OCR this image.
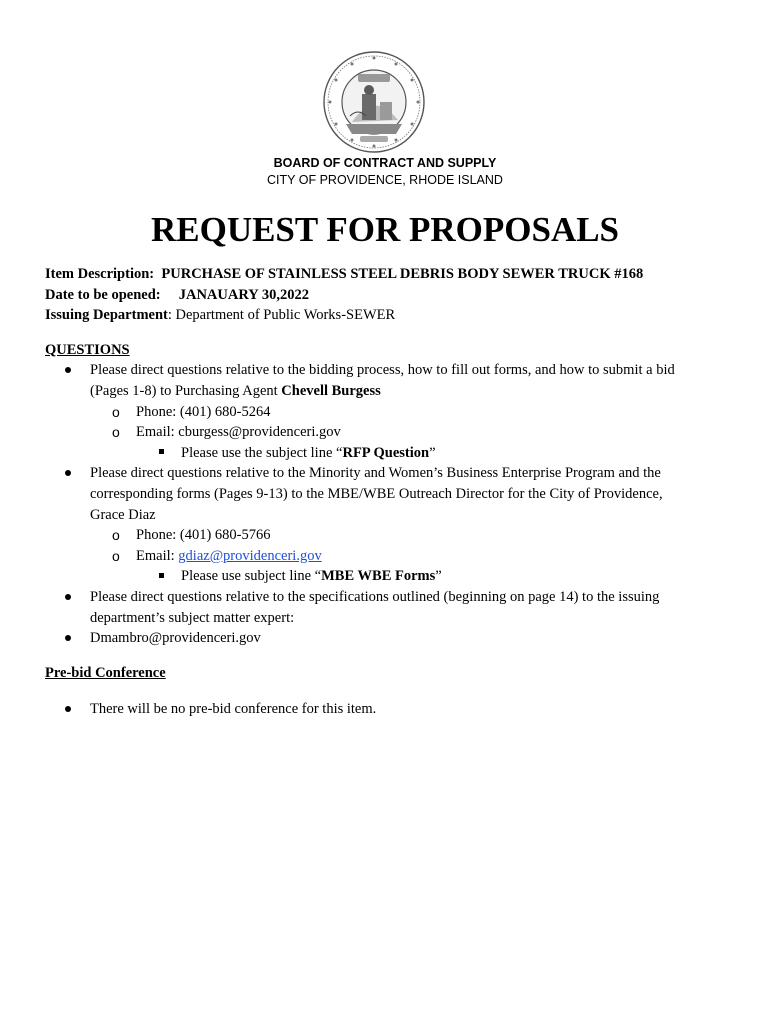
BOARD OF CONTRACT AND SUPPLY
CITY OF PROVIDENCE, RHODE ISLAND
REQUEST FOR PROPOSALS
Item Description: PURCHASE OF STAINLESS STEEL DEBRIS BODY SEWER TRUCK #168
Date to be opened: JANAUARY 30,2022
Issuing Department: Department of Public Works-SEWER
QUESTIONS
Please direct questions relative to the bidding process, how to fill out forms, and how to submit a bid
(Pages 1-8) to Purchasing Agent Chevell Burgess
o Phone: (401) 680-5264
o Email: cburgess@providenceri.gov
Please use the subject line “RFP Question”
Please direct questions relative to the Minority and Women’s Business Enterprise Program and the
corresponding forms (Pages 9-13) to the MBE/WBE Outreach Director for the City of Providence,
Grace Diaz
o Phone: (401) 680-5766
o Email: gdiaz@providenceri.gov
Please use subject line “MBE WBE Forms”
Please direct questions relative to the specifications outlined (beginning on page 14) to the issuing
department’s subject matter expert:
Dmambro@providenceri.gov
Pre-bid Conference
There will be no pre-bid conference for this item.
